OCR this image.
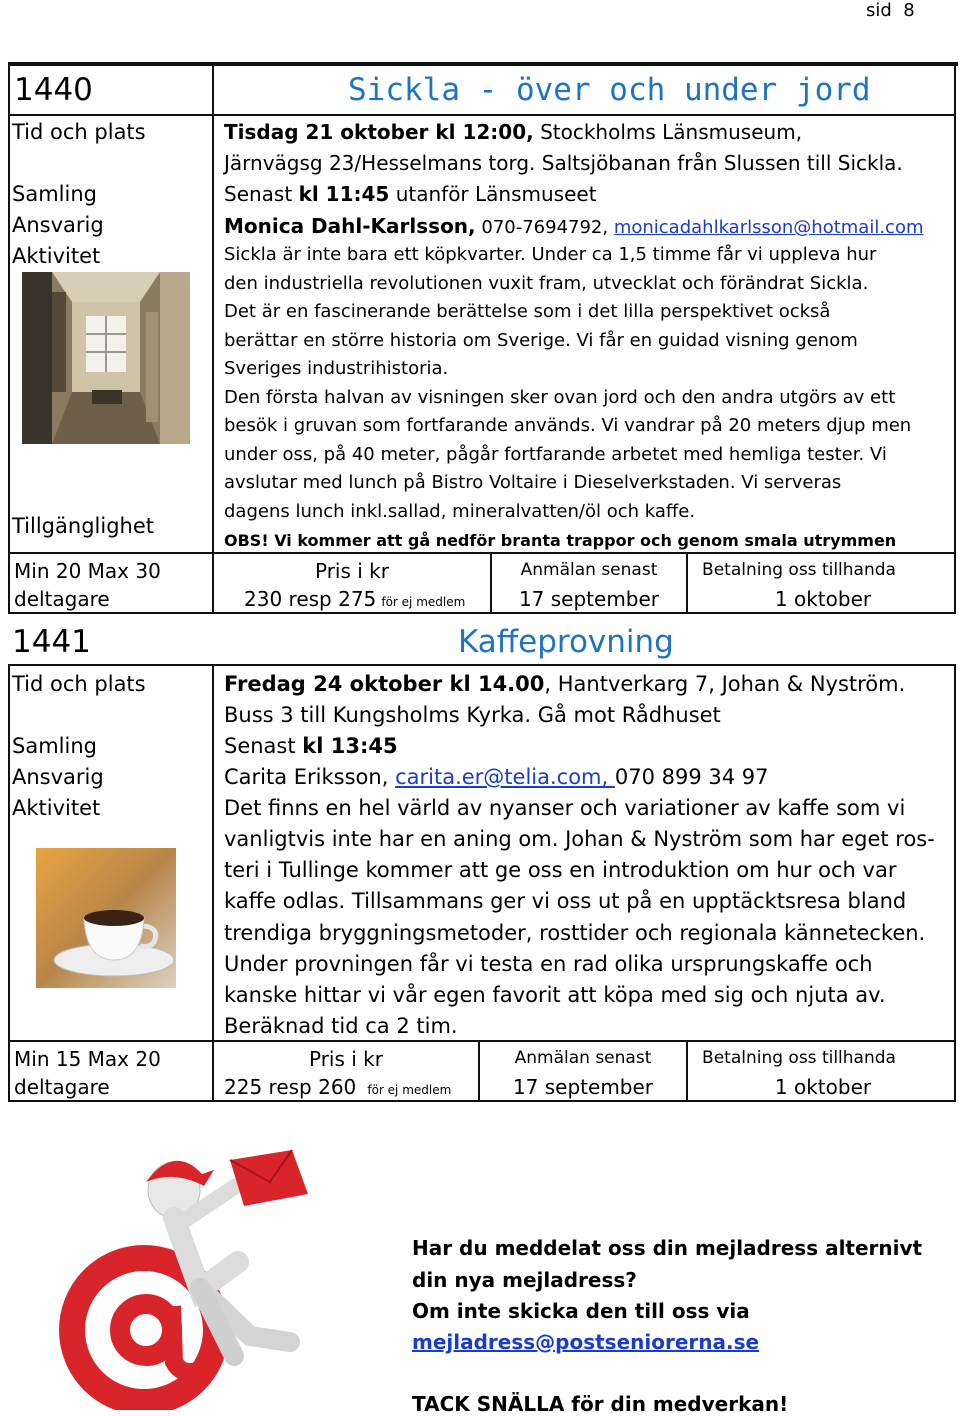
sid  8
1440	Sickla - över och under jord
Tid och plats
Samling
Ansvarig
Aktivitet
Tillgänglighet
Tisdag 21 oktober kl 12:00, Stockholms Länsmuseum,
Järnvägsg 23/Hesselmans torg. Saltsjöbanan från Slussen till Sickla.
Senast kl 11:45 utanför Länsmuseet
Monica Dahl-Karlsson, 070-7694792, monicadahlkarlsson@hotmail.com
Sickla är inte bara ett köpkvarter. Under ca 1,5 timme får vi uppleva hur
den industriella revolutionen vuxit fram, utvecklat och förändrat Sickla.
Det är en fascinerande berättelse som i det lilla perspektivet också
berättar en större historia om Sverige. Vi får en guidad visning genom
Sveriges industrihistoria.
Den första halvan av visningen sker ovan jord och den andra utgörs av ett
besök i gruvan som fortfarande används. Vi vandrar på 20 meters djup men
under oss, på 40 meter, pågår fortfarande arbetet med hemliga tester. Vi
avslutar med lunch på Bistro Voltaire i Dieselverkstaden. Vi serveras
dagens lunch inkl.sallad, mineralvatten/öl och kaffe.
OBS! Vi kommer att gå nedför branta trappor och genom smala utrymmen
Min 20 Max 30
deltagare
Pris i kr
230 resp 275 för ej medlem
Anmälan senast
17 september
Betalning oss tillhanda
1 oktober
1441	Kaffeprovning
Tid och plats
Samling
Ansvarig
Aktivitet
Fredag 24 oktober kl 14.00, Hantverkarg 7, Johan & Nyström.
Buss 3 till Kungsholms Kyrka. Gå mot Rådhuset
Senast kl 13:45
Carita Eriksson, carita.er@telia.com, 070 899 34 97
Det finns en hel värld av nyanser och variationer av kaffe som vi
vanligtvis inte har en aning om. Johan & Nyström som har eget ros-
teri i Tullinge kommer att ge oss en introduktion om hur och var
kaffe odlas. Tillsammans ger vi oss ut på en upptäcktsresa bland
trendiga bryggningsmetoder, rosttider och regionala kännetecken.
Under provningen får vi testa en rad olika ursprungskaffe och
kanske hittar vi vår egen favorit att köpa med sig och njuta av.
Beräknad tid ca 2 tim.
Min 15 Max 20
deltagare
Pris i kr
225 resp 260 för ej medlem
Anmälan senast
17 september
Betalning oss tillhanda
1 oktober
Har du meddelat oss din mejladress alternivt
din nya mejladress?
Om inte skicka den till oss via
mejladress@postseniorerna.se
TACK SNÄLLA för din medverkan!
